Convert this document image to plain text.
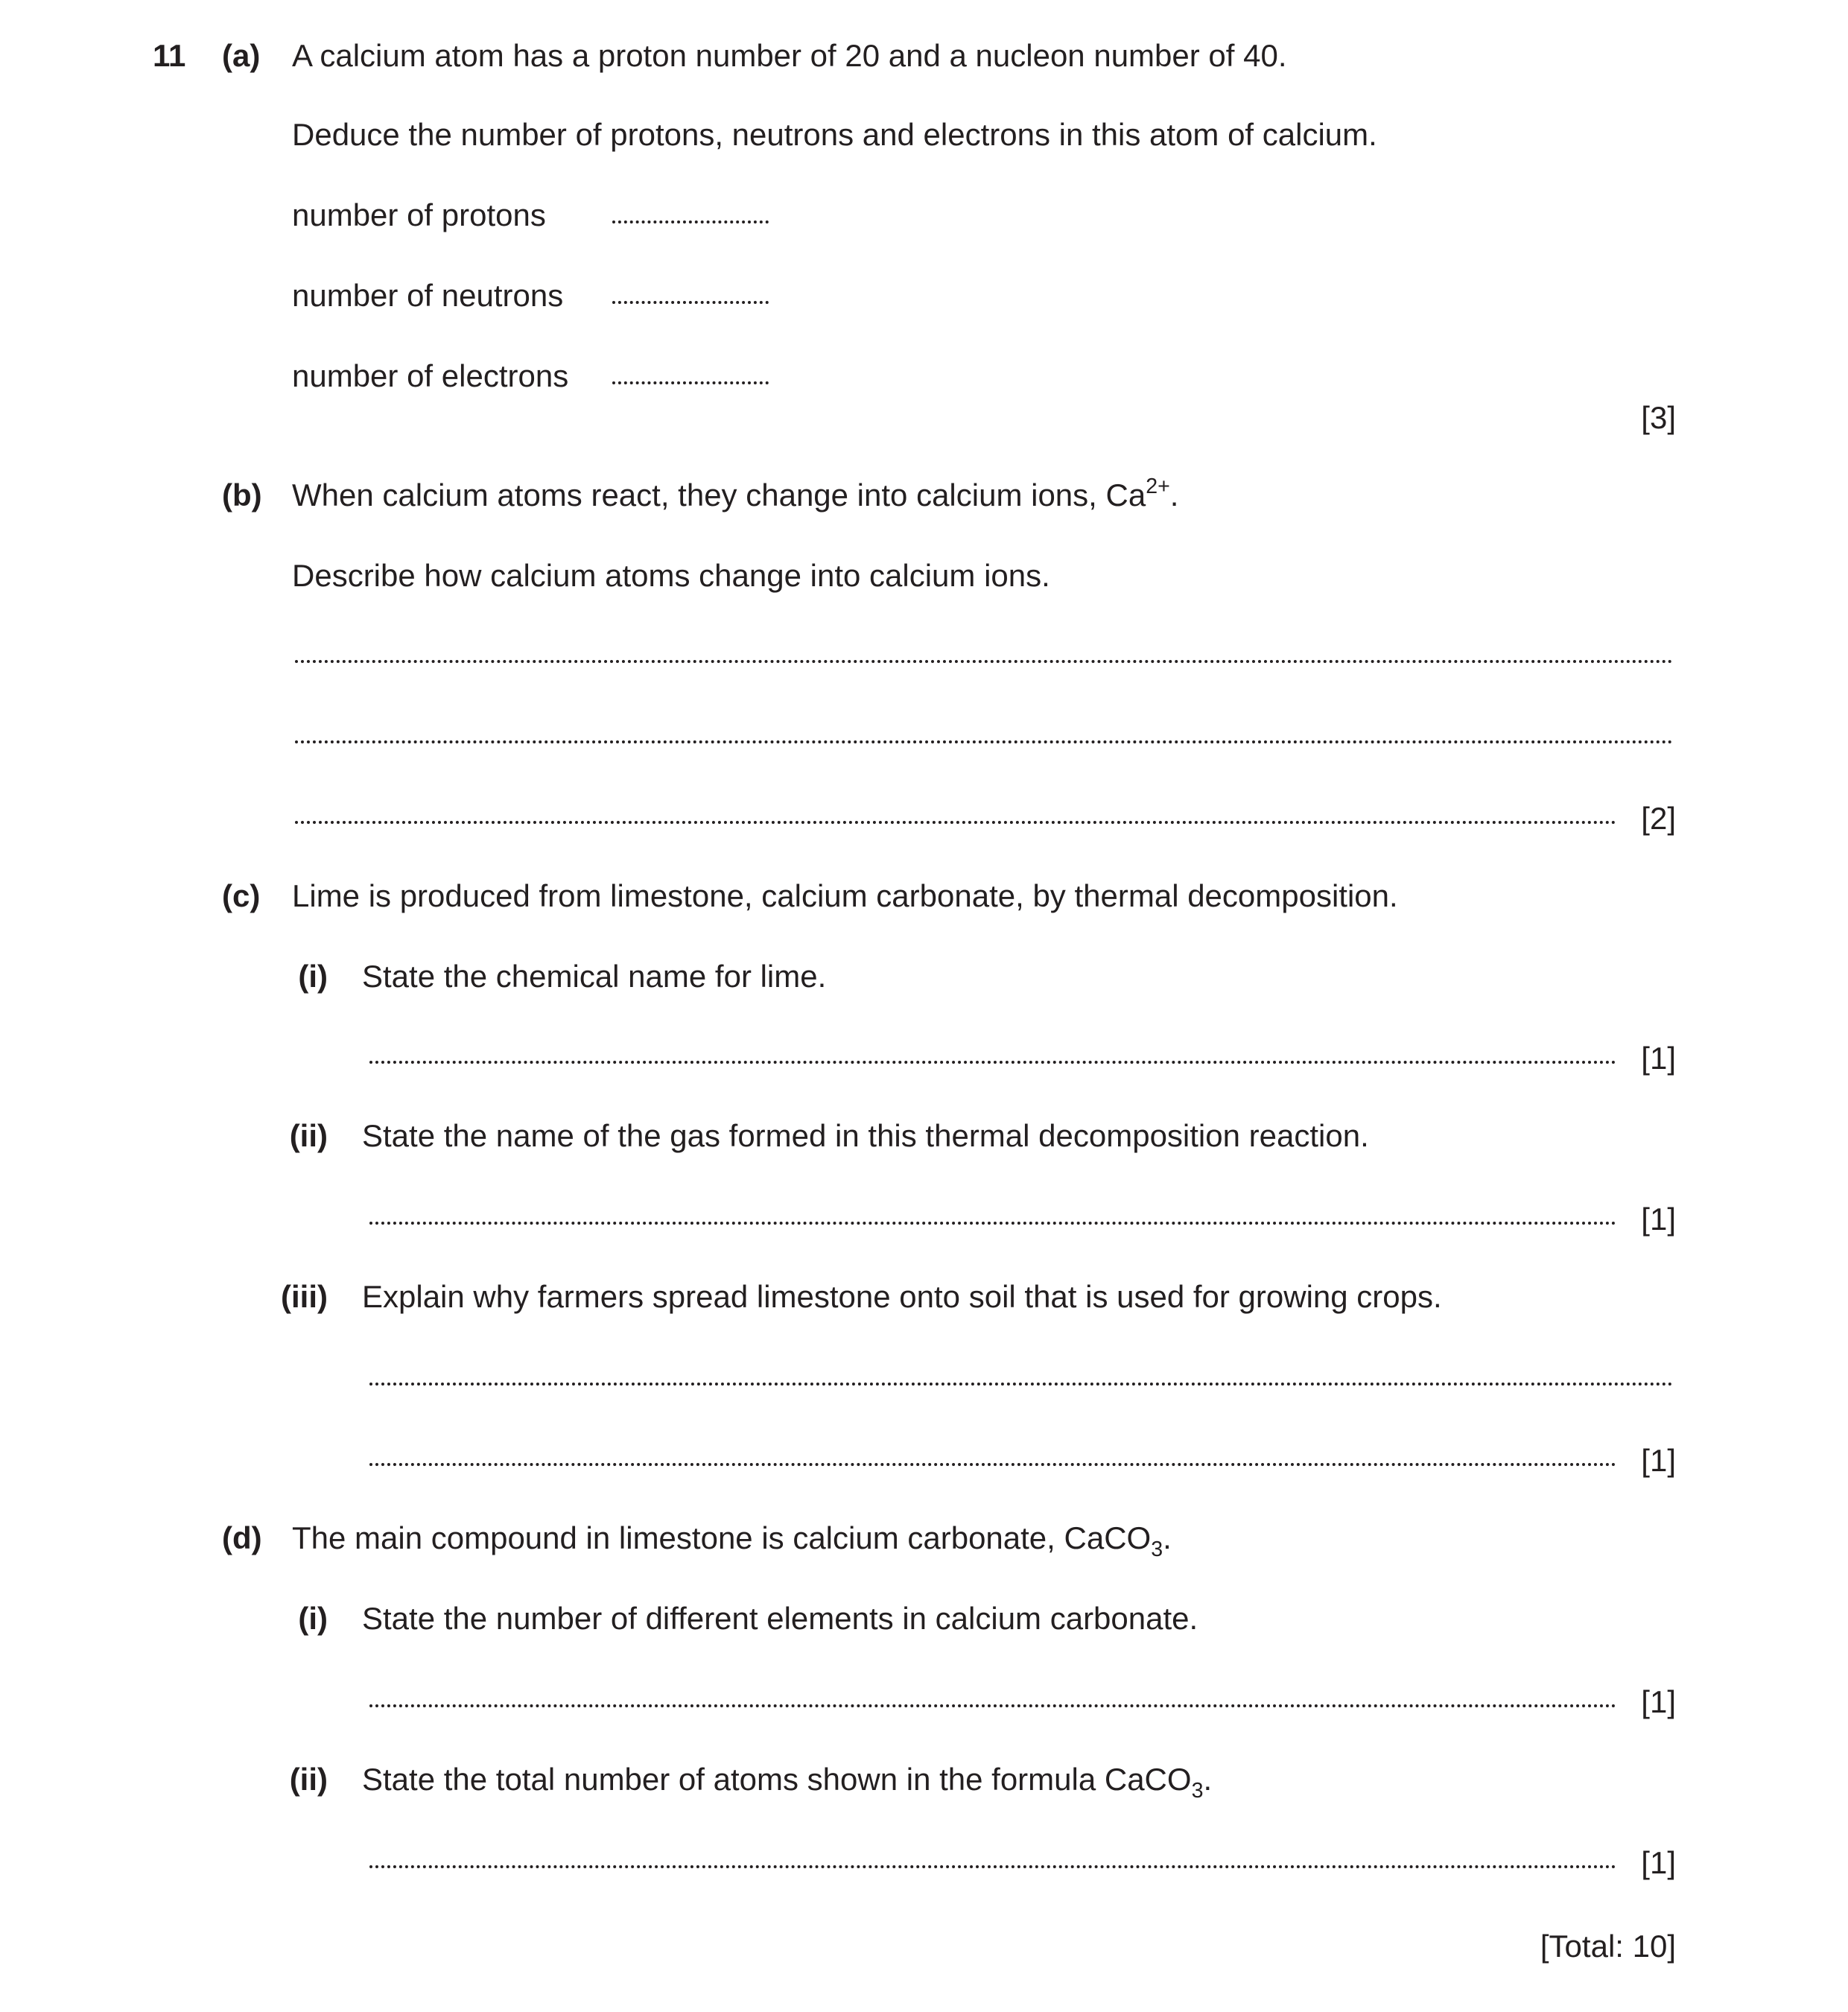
11 (a) A calcium atom has a proton number of 20 and a nucleon number of 40.
Deduce the number of protons, neutrons and electrons in this atom of calcium.
number of protons
number of neutrons
number of electrons
[3]
(b) When calcium atoms react, they change into calcium ions, $Ca^{2+}$.
Describe how calcium atoms change into calcium ions.
[2]
(c) Lime is produced from limestone, calcium carbonate, by thermal decomposition.
(i) State the chemical name for lime.
[1]
(ii) State the name of the gas formed in this thermal decomposition reaction.
[1]
(iii) Explain why farmers spread limestone onto soil that is used for growing crops.
[1]
(d) The main compound in limestone is calcium carbonate, CaCO$_3$.
(i) State the number of different elements in calcium carbonate.
[1]
(ii) State the total number of atoms shown in the formula CaCO$_3$.
[1]
[Total: 10]
